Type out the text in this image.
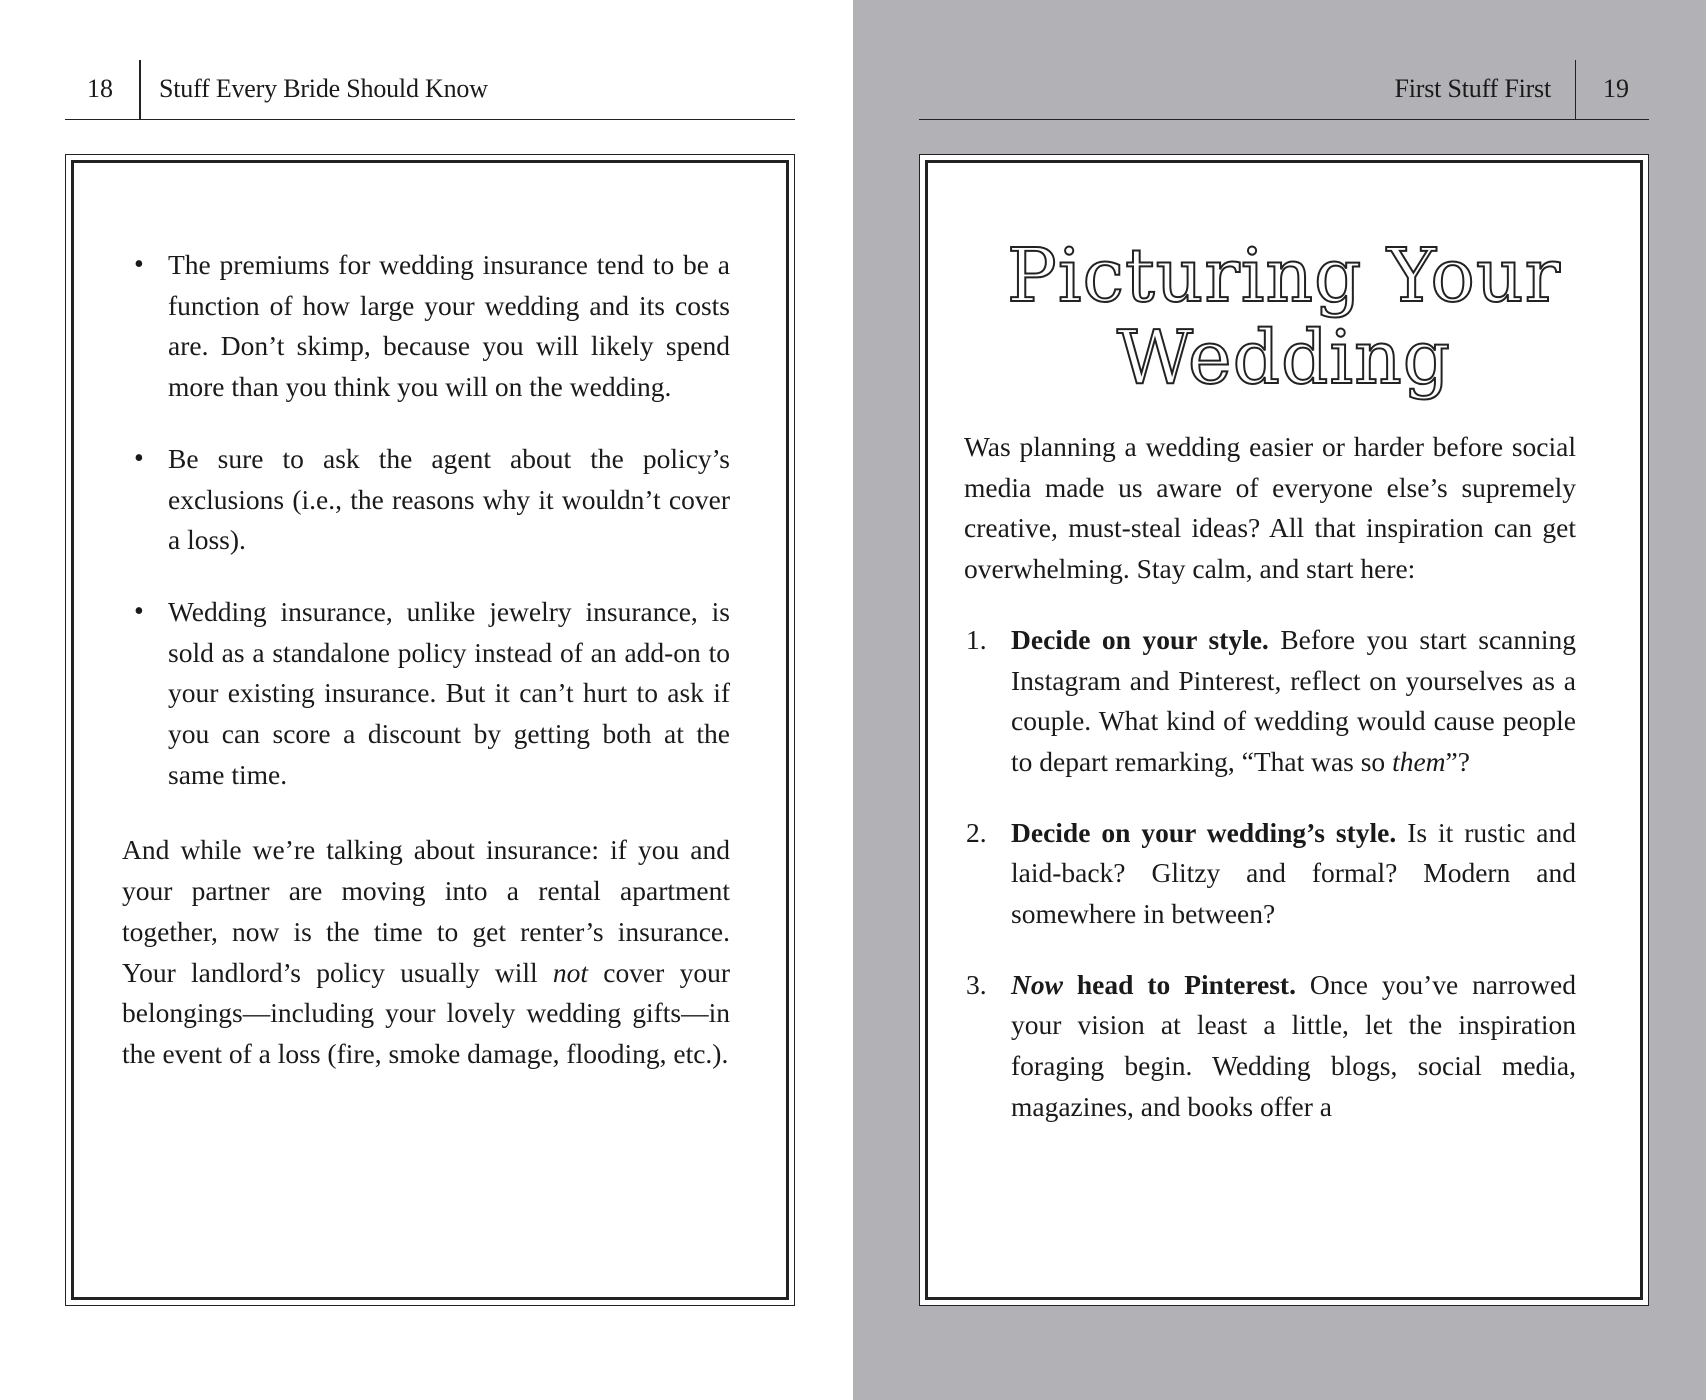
18 Stuff Every Bride Should Know
• The premiums for wedding insurance tend to be a function of how large your wedding and its costs are. Don’t skimp, because you will likely spend more than you think you will on the wedding.
• Be sure to ask the agent about the policy’s exclusions (i.e., the reasons why it wouldn’t cover a loss).
• Wedding insurance, unlike jewelry insurance, is sold as a standalone policy instead of an add-on to your existing insurance. But it can’t hurt to ask if you can score a discount by getting both at the same time.

And while we’re talking about insurance: if you and your partner are moving into a rental apartment together, now is the time to get renter’s insurance. Your landlord’s policy usually will not cover your belongings—including your lovely wedding gifts—in the event of a loss (fire, smoke damage, flooding, etc.).

First Stuff First 19
Picturing Your
Wedding

Was planning a wedding easier or harder before social media made us aware of everyone else’s supremely creative, must-steal ideas? All that inspiration can get overwhelming. Stay calm, and start here:

1. Decide on your style. Before you start scanning Instagram and Pinterest, reflect on yourselves as a couple. What kind of wedding would cause people to depart remarking, “That was so them”?
2. Decide on your wedding’s style. Is it rustic and laid-back? Glitzy and formal? Modern and somewhere in between?
3. Now head to Pinterest. Once you’ve narrowed your vision at least a little, let the inspiration foraging begin. Wedding blogs, social media, magazines, and books offer a
